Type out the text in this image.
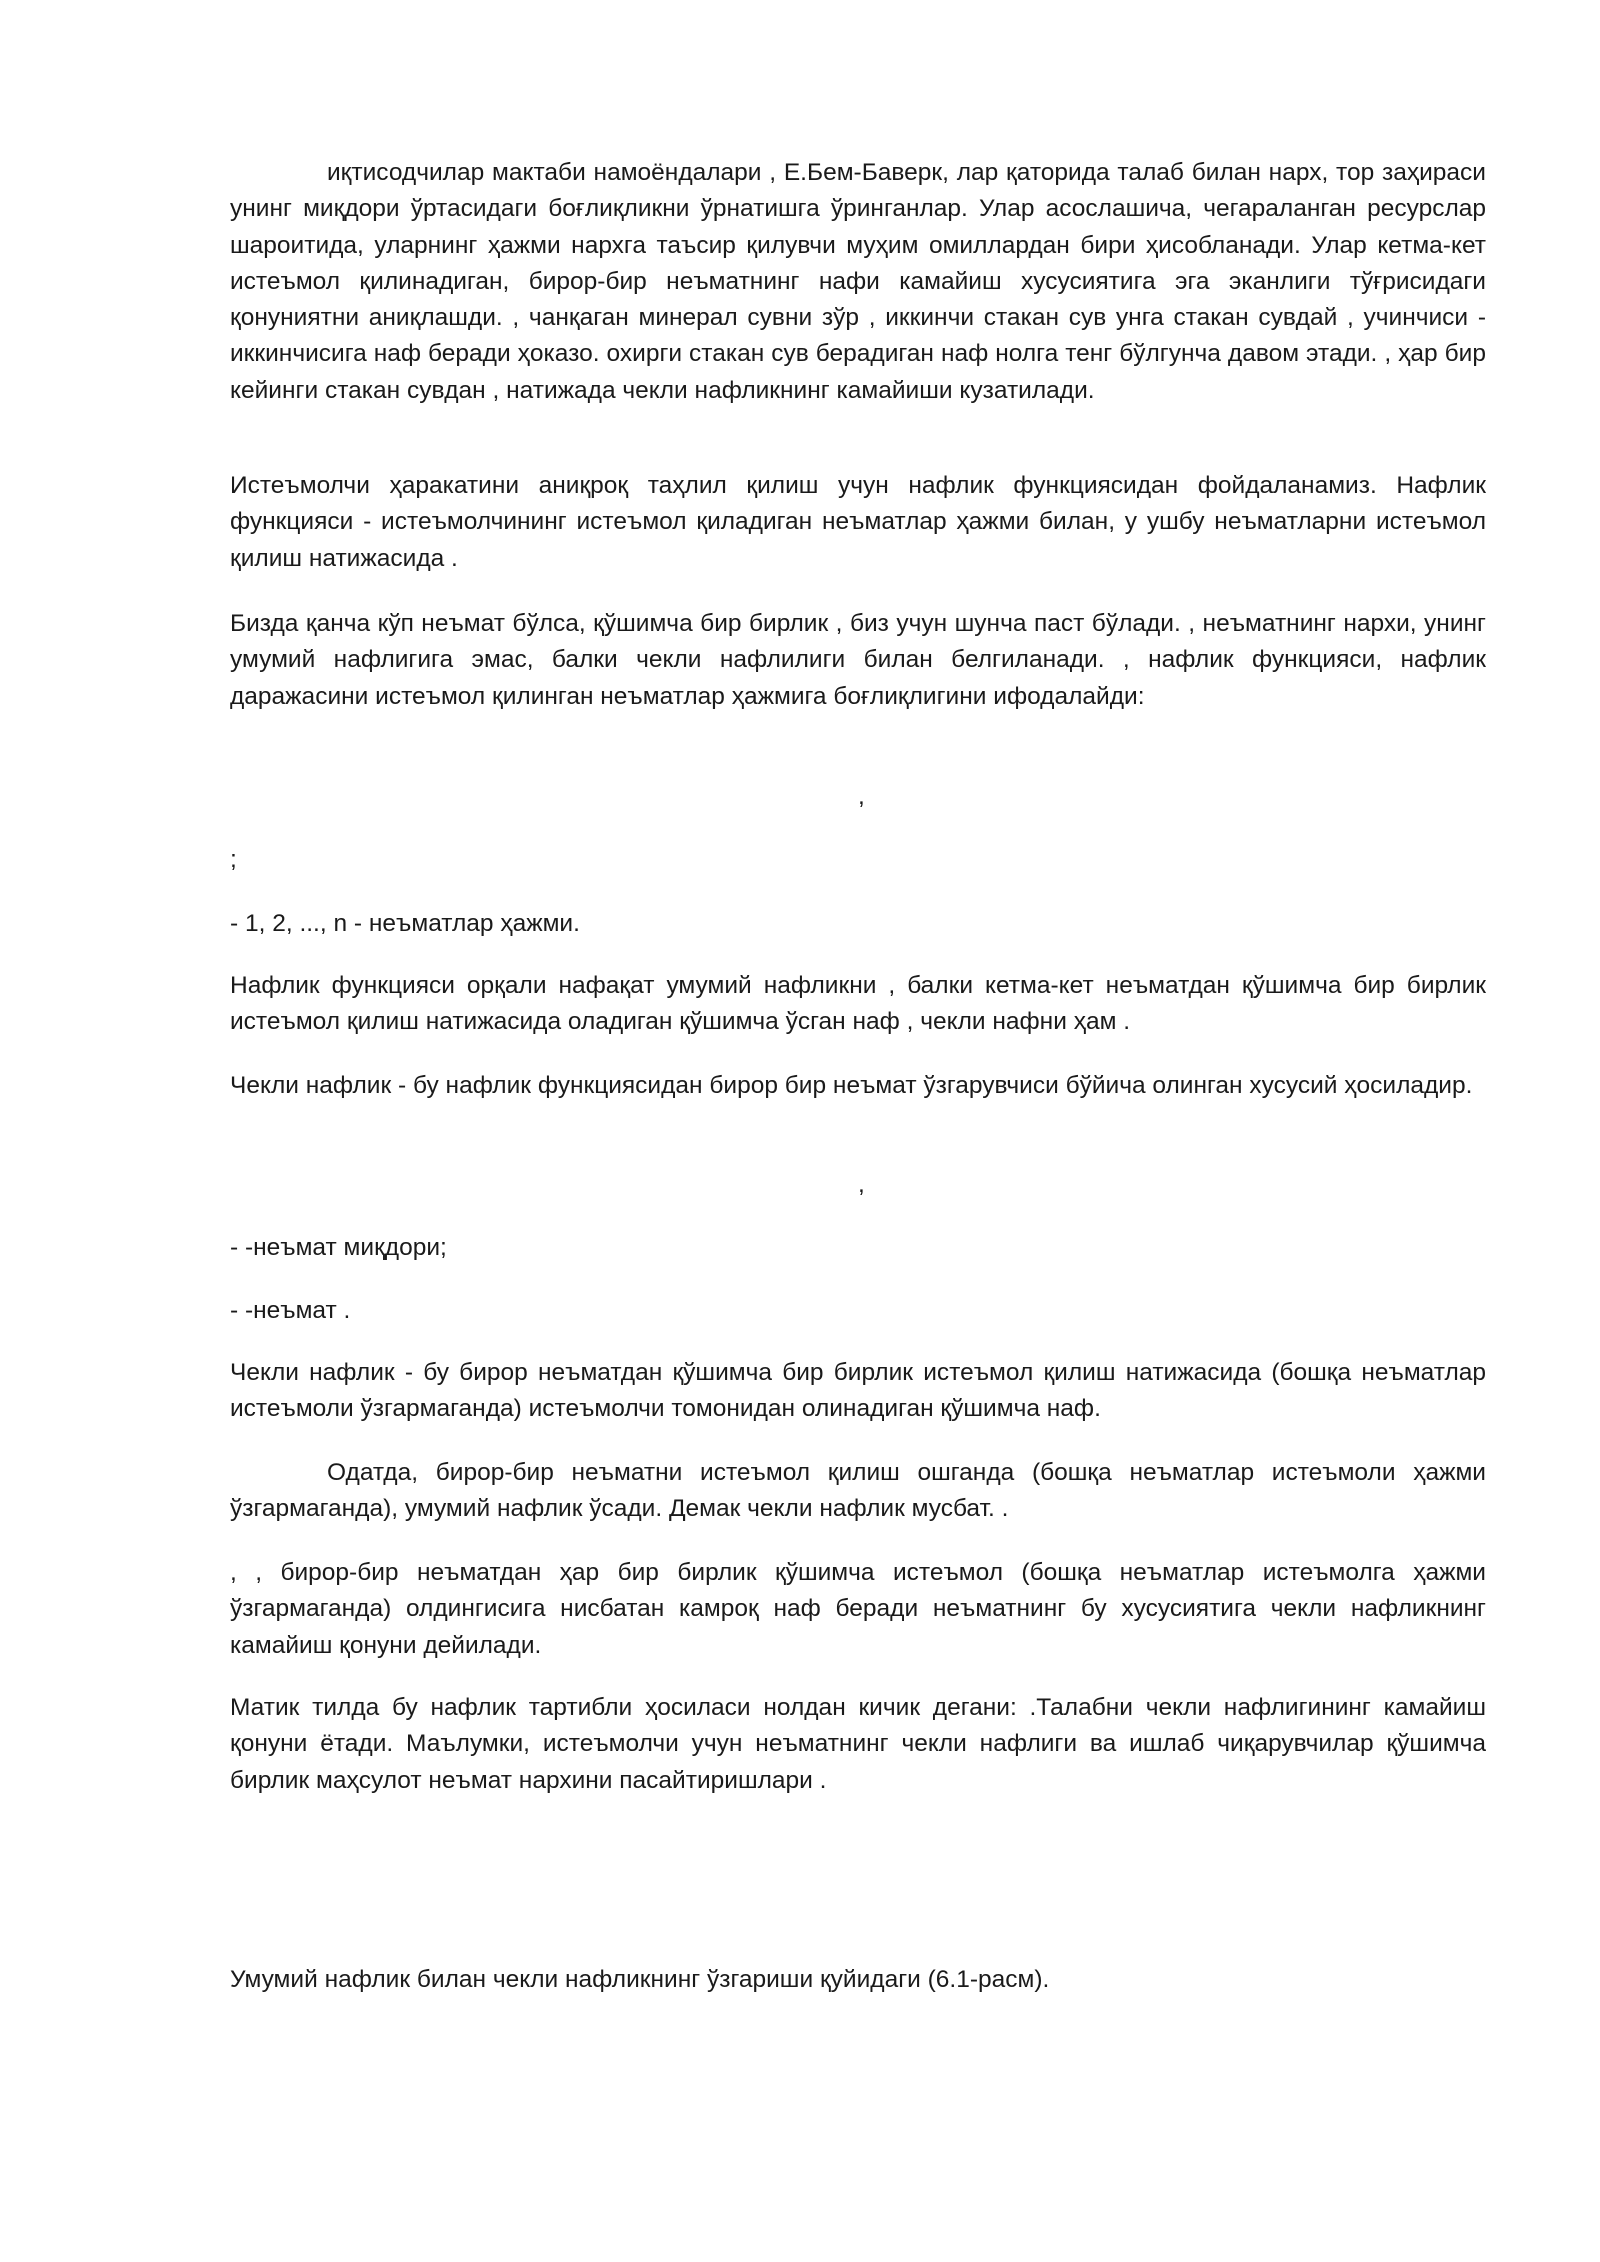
иқтисодчилар мактаби намоёндалари , Е.Бем-Баверк, лар қаторида талаб билан нарх, тор заҳираси унинг миқдори ўртасидаги боғлиқликни ўрнатишга ўринганлар. Улар асослашича, чегараланган ресурслар шароитида, уларнинг ҳажми нархга таъсир қилувчи муҳим омиллардан бири ҳисобланади. Улар кетма-кет истеъмол қилинадиган, бирор-бир неъматнинг нафи камайиш хусусиятига эга эканлиги тўғрисидаги қонуниятни аниқлашди. , чанқаган минерал сувни зўр , иккинчи стакан сув унга стакан сувдай , учинчиси - иккинчисига наф беради ҳоказо. охирги стакан сув берадиган наф нолга тенг бўлгунча давом этади. , ҳар бир кейинги стакан сувдан , натижада чекли нафликнинг камайиши кузатилади.

Истеъмолчи ҳаракатини аниқроқ таҳлил қилиш учун нафлик функциясидан фойдаланамиз. Нафлик функцияси - истеъмолчининг истеъмол қиладиган неъматлар ҳажми билан, у ушбу неъматларни истеъмол қилиш натижасида .

Бизда қанча кўп неъмат бўлса, қўшимча бир бирлик , биз учун шунча паст бўлади. , неъматнинг нархи, унинг умумий нафлигига эмас, балки чекли нафлилиги билан белгиланади. , нафлик функцияси, нафлик даражасини истеъмол қилинган неъматлар ҳажмига боғлиқлигини ифодалайди:

,

;

- 1, 2, ..., n - неъматлар ҳажми.

Нафлик функцияси орқали нафақат умумий нафликни , балки кетма-кет неъматдан қўшимча бир бирлик истеъмол қилиш натижасида оладиган қўшимча ўсган наф , чекли нафни ҳам .

Чекли нафлик - бу нафлик функциясидан бирор бир неъмат ўзгарувчиси бўйича олинган хусусий ҳосиладир.

,

- -неъмат миқдори;

- -неъмат .

Чекли нафлик - бу бирор неъматдан қўшимча бир бирлик истеъмол қилиш натижасида (бошқа неъматлар истеъмоли ўзгармаганда) истеъмолчи томонидан олинадиган қўшимча наф.

Одатда, бирор-бир неъматни истеъмол қилиш ошганда (бошқа неъматлар истеъмоли ҳажми ўзгармаганда), умумий нафлик ўсади. Демак чекли нафлик мусбат. .

, , бирор-бир неъматдан ҳар бир бирлик қўшимча истеъмол (бошқа неъматлар истеъмолга ҳажми ўзгармаганда) олдингисига нисбатан камроқ наф беради неъматнинг бу хусусиятига чекли нафликнинг камайиш қонуни дейилади.

Матик тилда бу нафлик тартибли ҳосиласи нолдан кичик дегани: .Талабни чекли нафлигининг камайиш қонуни ётади. Маълумки, истеъмолчи учун неъматнинг чекли нафлиги ва ишлаб чиқарувчилар қўшимча бирлик маҳсулот неъмат нархини пасайтиришлари .

Умумий нафлик билан чекли нафликнинг ўзгариши қуйидаги (6.1-расм).
